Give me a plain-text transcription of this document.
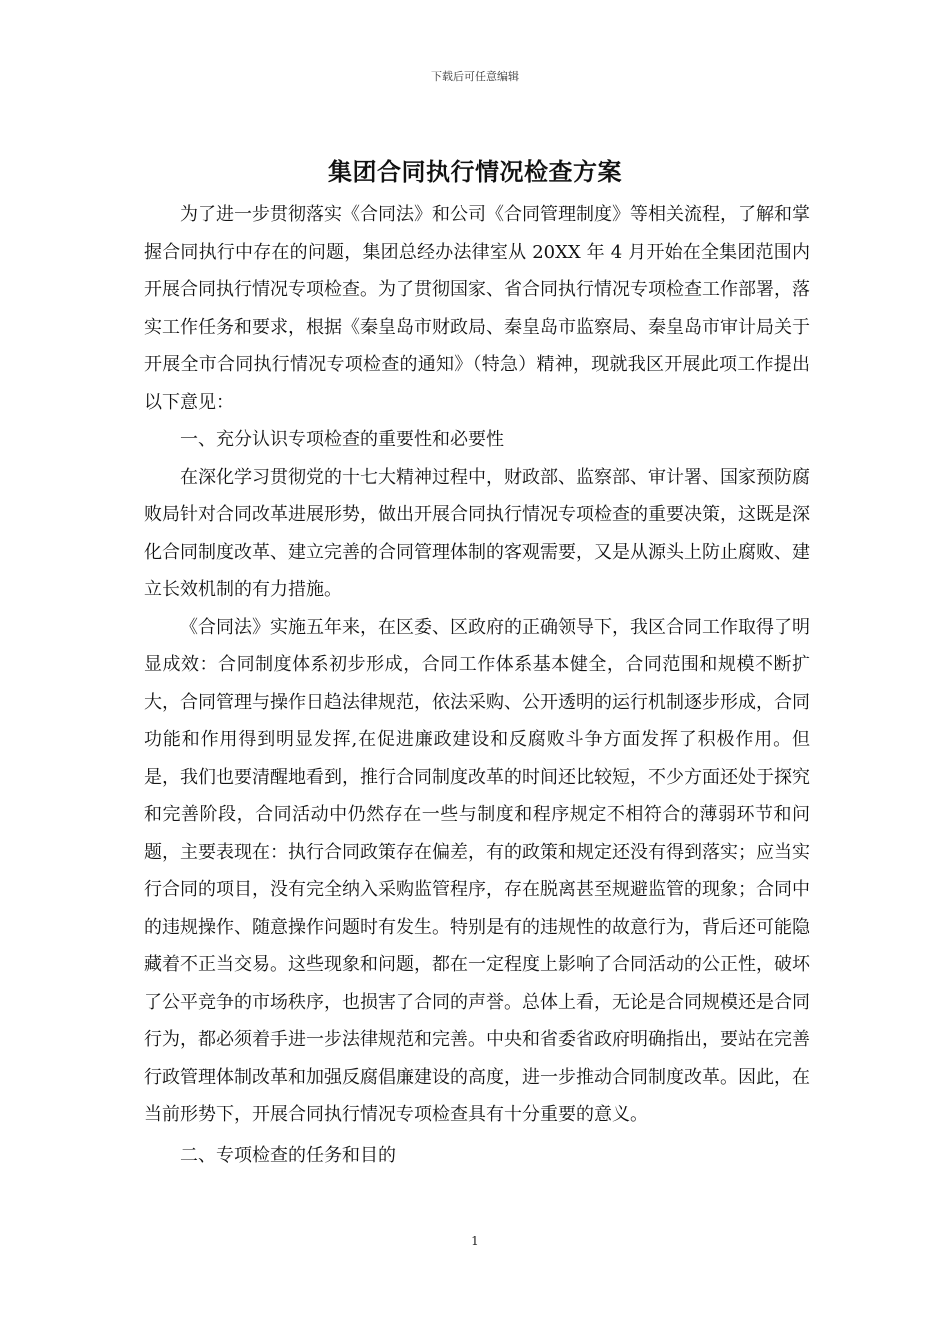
下载后可任意编辑
集团合同执行情况检查方案

为了进一步贯彻落实《合同法》和公司《合同管理制度》等相关流程，了解和掌握合同执行中存在的问题，集团总经办法律室从 20XX 年 4 月开始在全集团范围内开展合同执行情况专项检查。为了贯彻国家、省合同执行情况专项检查工作部署，落实工作任务和要求，根据《秦皇岛市财政局、秦皇岛市监察局、秦皇岛市审计局关于开展全市合同执行情况专项检查的通知》（特急）精神，现就我区开展此项工作提出以下意见：

一、充分认识专项检查的重要性和必要性

在深化学习贯彻党的十七大精神过程中，财政部、监察部、审计署、国家预防腐败局针对合同改革进展形势，做出开展合同执行情况专项检查的重要决策，这既是深化合同制度改革、建立完善的合同管理体制的客观需要，又是从源头上防止腐败、建立长效机制的有力措施。

《合同法》实施五年来，在区委、区政府的正确领导下，我区合同工作取得了明显成效：合同制度体系初步形成，合同工作体系基本健全，合同范围和规模不断扩大，合同管理与操作日趋法律规范，依法采购、公开透明的运行机制逐步形成，合同功能和作用得到明显发挥,在促进廉政建设和反腐败斗争方面发挥了积极作用。但是，我们也要清醒地看到，推行合同制度改革的时间还比较短，不少方面还处于探究和完善阶段，合同活动中仍然存在一些与制度和程序规定不相符合的薄弱环节和问题，主要表现在：执行合同政策存在偏差，有的政策和规定还没有得到落实；应当实行合同的项目，没有完全纳入采购监管程序，存在脱离甚至规避监管的现象；合同中的违规操作、随意操作问题时有发生。特别是有的违规性的故意行为，背后还可能隐藏着不正当交易。这些现象和问题，都在一定程度上影响了合同活动的公正性，破坏了公平竞争的市场秩序，也损害了合同的声誉。总体上看，无论是合同规模还是合同行为，都必须着手进一步法律规范和完善。中央和省委省政府明确指出，要站在完善行政管理体制改革和加强反腐倡廉建设的高度，进一步推动合同制度改革。因此，在当前形势下，开展合同执行情况专项检查具有十分重要的意义。

二、专项检查的任务和目的

1
